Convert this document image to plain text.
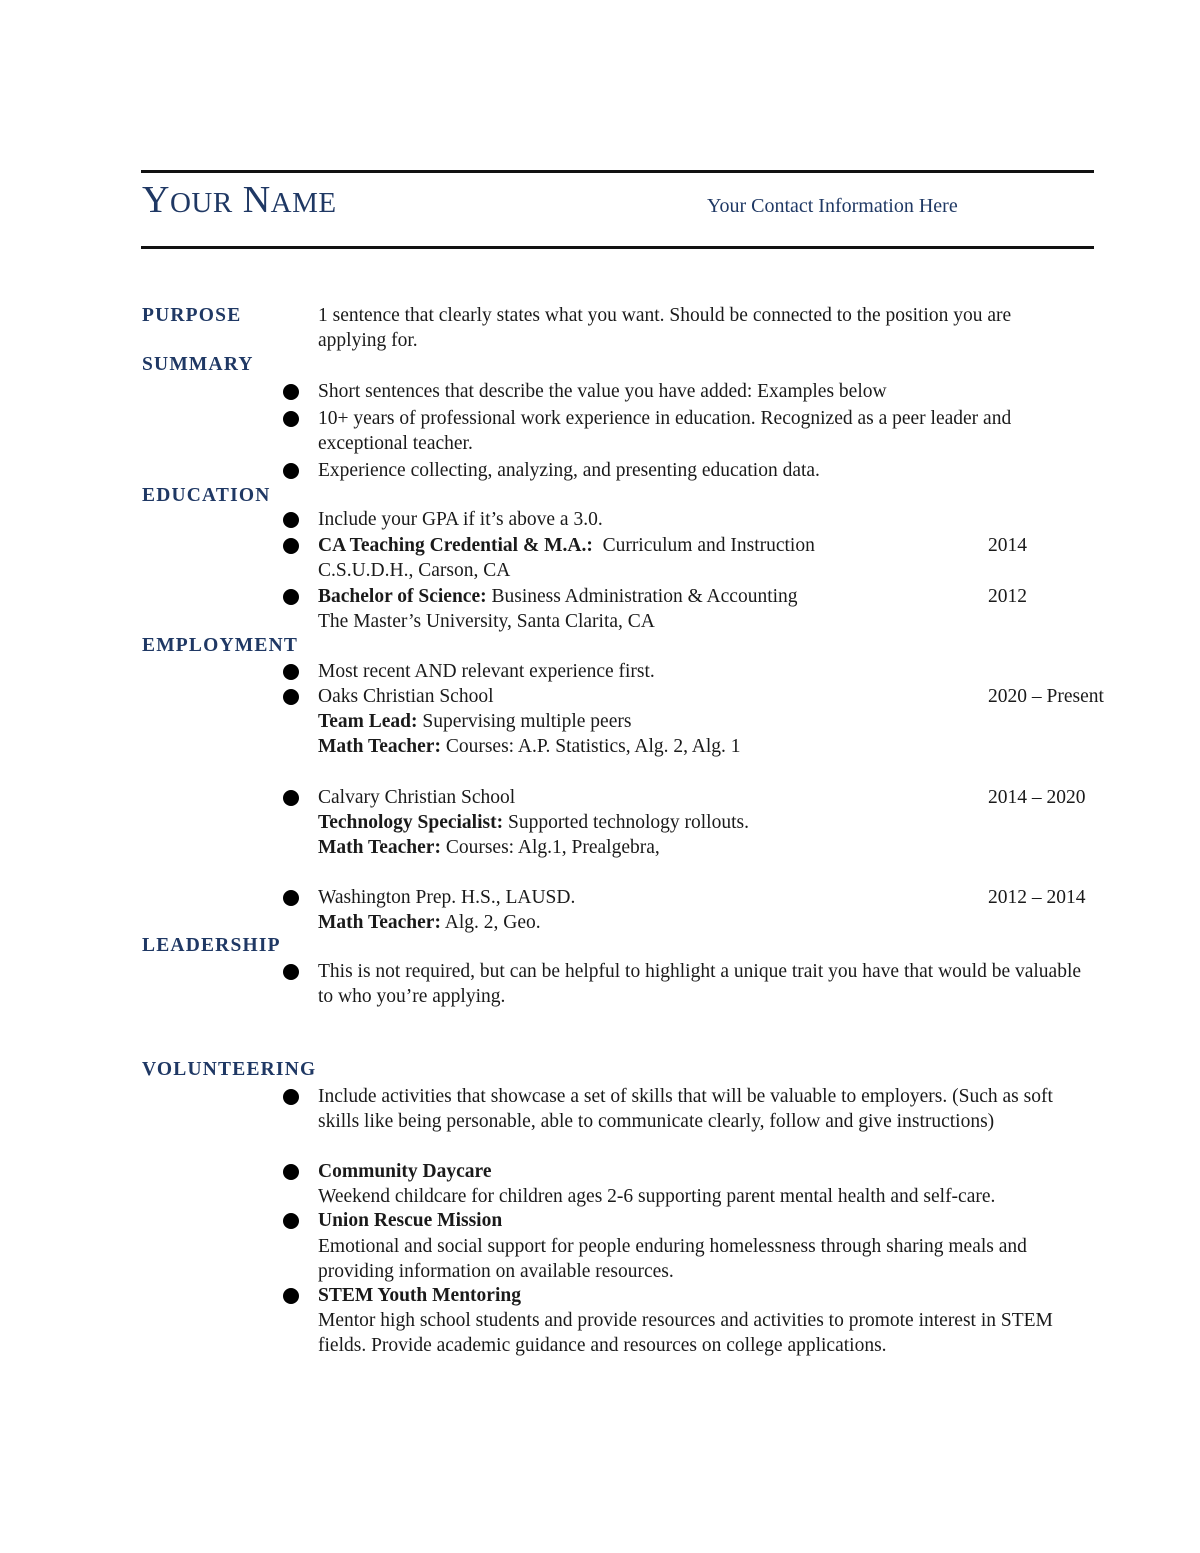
YOUR NAME	Your Contact Information Here
PURPOSE	1 sentence that clearly states what you want. Should be connected to the position you are applying for.
SUMMARY
Short sentences that describe the value you have added: Examples below
10+ years of professional work experience in education. Recognized as a peer leader and exceptional teacher.
Experience collecting, analyzing, and presenting education data.
EDUCATION
Include your GPA if it’s above a 3.0.
CA Teaching Credential & M.A.: Curriculum and Instruction	2014
C.S.U.D.H., Carson, CA
Bachelor of Science: Business Administration & Accounting	2012
The Master’s University, Santa Clarita, CA
EMPLOYMENT
Most recent AND relevant experience first.
Oaks Christian School	2020 – Present
Team Lead: Supervising multiple peers
Math Teacher: Courses: A.P. Statistics, Alg. 2, Alg. 1
Calvary Christian School	2014 – 2020
Technology Specialist: Supported technology rollouts.
Math Teacher: Courses: Alg.1, Prealgebra,
Washington Prep. H.S., LAUSD.	2012 – 2014
Math Teacher: Alg. 2, Geo.
LEADERSHIP
This is not required, but can be helpful to highlight a unique trait you have that would be valuable to who you’re applying.
VOLUNTEERING
Include activities that showcase a set of skills that will be valuable to employers. (Such as soft skills like being personable, able to communicate clearly, follow and give instructions)
Community Daycare
Weekend childcare for children ages 2-6 supporting parent mental health and self-care.
Union Rescue Mission
Emotional and social support for people enduring homelessness through sharing meals and providing information on available resources.
STEM Youth Mentoring
Mentor high school students and provide resources and activities to promote interest in STEM fields. Provide academic guidance and resources on college applications.
